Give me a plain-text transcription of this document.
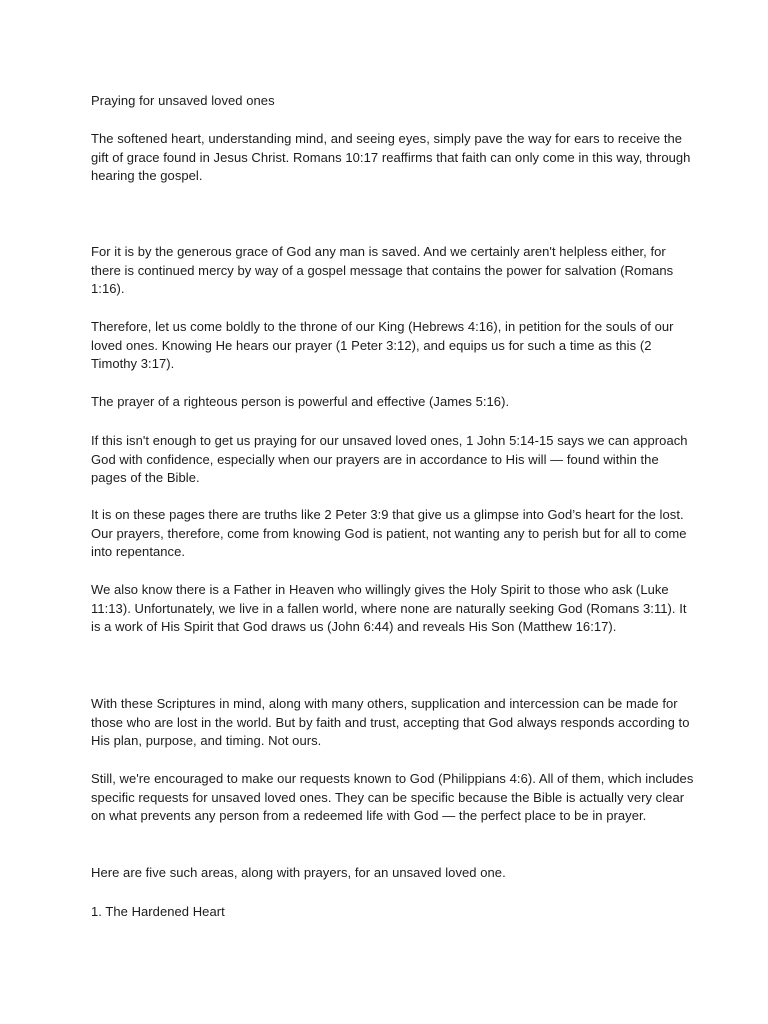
Praying for unsaved loved ones

The softened heart, understanding mind, and seeing eyes, simply pave the way for ears to receive the gift of grace found in Jesus Christ. Romans 10:17 reaffirms that faith can only come in this way, through hearing the gospel.

For it is by the generous grace of God any man is saved. And we certainly aren't helpless either, for there is continued mercy by way of a gospel message that contains the power for salvation (Romans 1:16).

Therefore, let us come boldly to the throne of our King (Hebrews 4:16), in petition for the souls of our loved ones. Knowing He hears our prayer (1 Peter 3:12), and equips us for such a time as this (2 Timothy 3:17).

The prayer of a righteous person is powerful and effective (James 5:16).

If this isn't enough to get us praying for our unsaved loved ones, 1 John 5:14-15 says we can approach God with confidence, especially when our prayers are in accordance to His will — found within the pages of the Bible.

It is on these pages there are truths like 2 Peter 3:9 that give us a glimpse into God’s heart for the lost. Our prayers, therefore, come from knowing God is patient, not wanting any to perish but for all to come into repentance.

We also know there is a Father in Heaven who willingly gives the Holy Spirit to those who ask (Luke 11:13). Unfortunately, we live in a fallen world, where none are naturally seeking God (Romans 3:11). It is a work of His Spirit that God draws us (John 6:44) and reveals His Son (Matthew 16:17).

With these Scriptures in mind, along with many others, supplication and intercession can be made for those who are lost in the world. But by faith and trust, accepting that God always responds according to His plan, purpose, and timing. Not ours.

Still, we're encouraged to make our requests known to God (Philippians 4:6). All of them, which includes specific requests for unsaved loved ones. They can be specific because the Bible is actually very clear on what prevents any person from a redeemed life with God — the perfect place to be in prayer.

Here are five such areas, along with prayers, for an unsaved loved one.

1. The Hardened Heart
